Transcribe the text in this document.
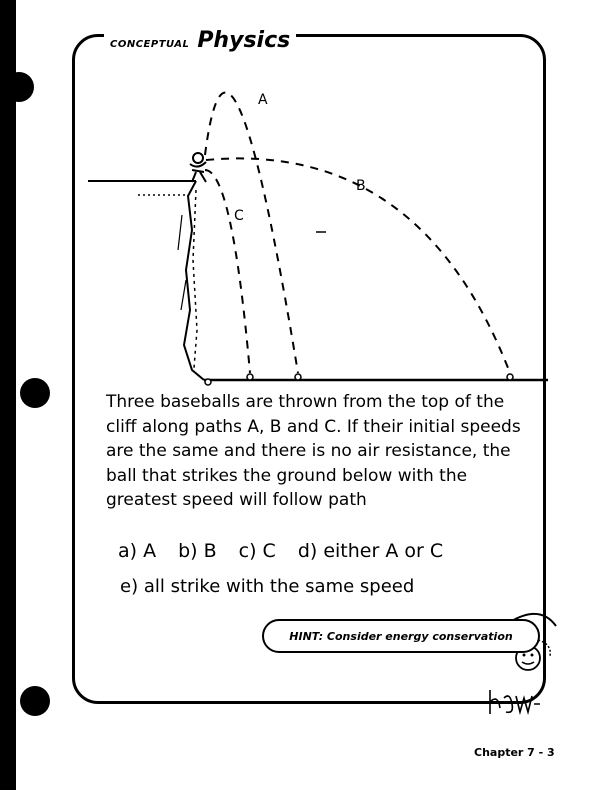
CONCEPTUAL Physics
A
B
C
Three baseballs are thrown from the top of the cliff along paths A, B and C. If their initial speeds are the same and there is no air resistance, the ball that strikes the ground below with the greatest speed will follow path
a) A b) B c) C d) either A or C
e) all strike with the same speed
HINT: Consider energy conservation
Chapter 7 - 3
